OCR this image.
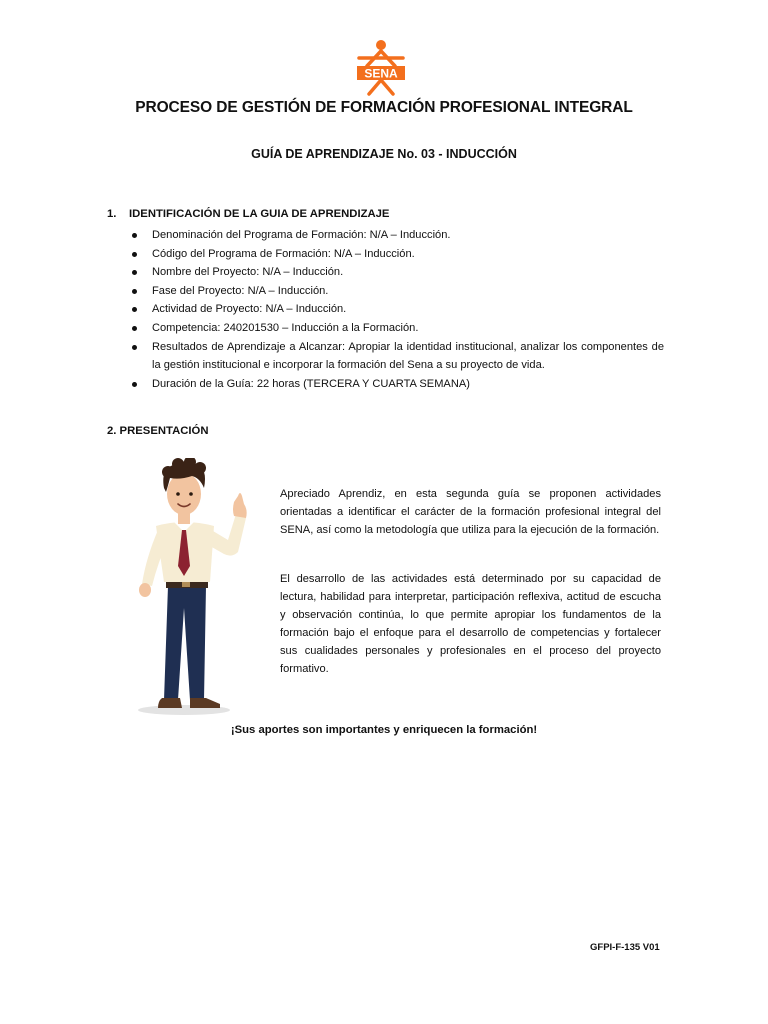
SENA
PROCESO DE GESTIÓN DE FORMACIÓN PROFESIONAL INTEGRAL
GUÍA DE APRENDIZAJE No. 03 - INDUCCIÓN
1. IDENTIFICACIÓN DE LA GUIA DE APRENDIZAJE
Denominación del Programa de Formación: N/A – Inducción.
Código del Programa de Formación: N/A – Inducción.
Nombre del Proyecto: N/A – Inducción.
Fase del Proyecto: N/A – Inducción.
Actividad de Proyecto: N/A – Inducción.
Competencia: 240201530 – Inducción a la Formación.
Resultados de Aprendizaje a Alcanzar: Apropiar la identidad institucional, analizar los componentes de la gestión institucional e incorporar la formación del Sena a su proyecto de vida.
Duración de la Guía: 22 horas (TERCERA Y CUARTA SEMANA)
2. PRESENTACIÓN

Apreciado Aprendiz, en esta segunda guía se proponen actividades orientadas a identificar el carácter de la formación profesional integral del SENA, así como la metodología que utiliza para la ejecución de la formación.

El desarrollo de las actividades está determinado por su capacidad de lectura, habilidad para interpretar, participación reflexiva, actitud de escucha y observación continúa, lo que permite apropiar los fundamentos de la formación bajo el enfoque para el desarrollo de competencias y fortalecer sus cualidades personales y profesionales en el proceso del proyecto formativo.

¡Sus aportes son importantes y enriquecen la formación!
GFPI-F-135 V01
